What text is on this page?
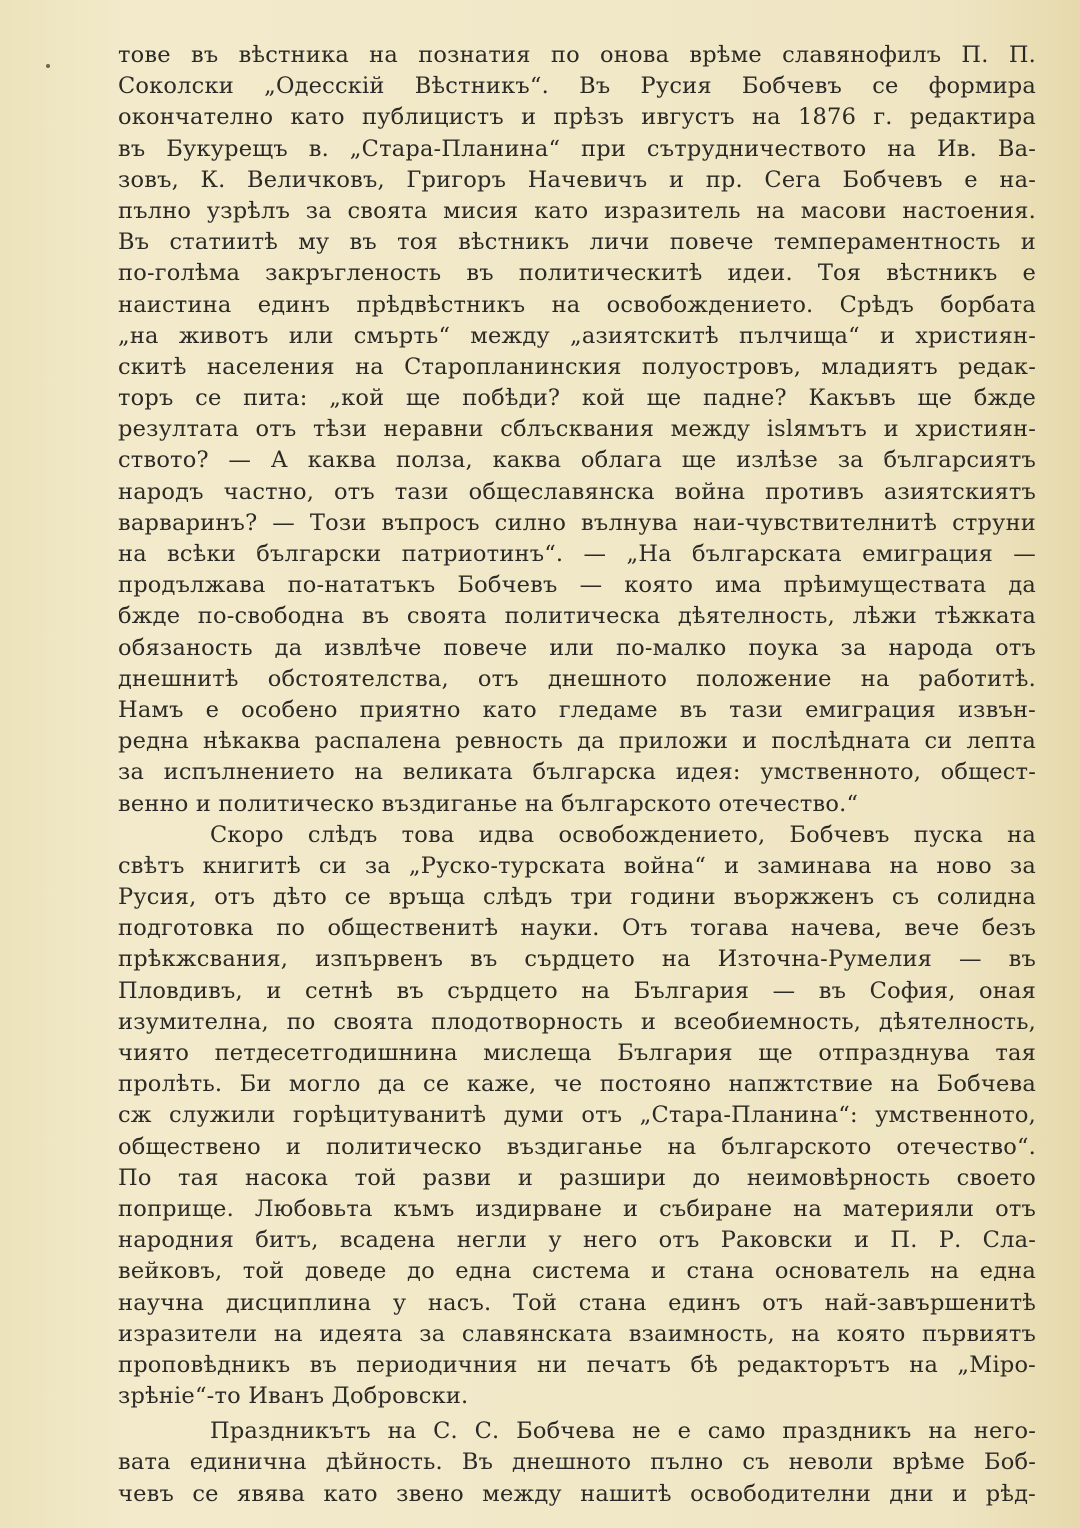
тове въ вѣстника на познатия по онова врѣме славянофилъ П. П.
Соколски „Одесскій Вѣстникъ“. Въ Русия Бобчевъ се формира
окончателно като публицистъ и прѣзъ ивгустъ на 1876 г. редактира
въ Букурещъ в. „Стара-Планина“ при сътрудничеството на Ив. Ва-
зовъ, К. Величковъ, Григоръ Начевичъ и пр. Сега Бобчевъ е на-
пълно узрѣлъ за своята мисия като изразитель на масови настоения.
Въ статиитѣ му въ тоя вѣстникъ личи повече темпераментность и
по-голѣма закръгленость въ политическитѣ идеи. Тоя вѣстникъ е
наистина единъ прѣдвѣстникъ на освобождението. Срѣдъ борбата
„на животъ или смърть“ между „азиятскитѣ пълчища“ и християн-
скитѣ населения на Старопланинския полуостровъ, младиятъ редак-
торъ се пита: „кой ще побѣди? кой ще падне? Какъвъ ще бжде
резултата отъ тѣзи неравни сблъсквания между islямътъ и християн-
ството? — А каква полза, каква облага ще излѣзе за българсиятъ
народъ частно, отъ тази общеславянска война противъ азиятскиятъ
варваринъ? — Този въпросъ силно вълнува наи-чувствителнитѣ струни
на всѣки български патриотинъ“. — „На българската емиграция —
продължава по-нататъкъ Бобчевъ — която има прѣимуществата да
бжде по-свободна въ своята политическа дѣятелность, лѣжи тѣжката
обязаность да извлѣче повече или по-малко поука за народа отъ
днешнитѣ обстоятелства, отъ днешното положение на работитѣ.
Намъ е особено приятно като гледаме въ тази емиграция извън-
редна нѣкаква распалена ревность да приложи и послѣдната си лепта
за испълнението на великата българска идея: умственното, общест-
венно и политическо въздиганье на българското отечество.“
Скоро слѣдъ това идва освобождението, Бобчевъ пуска на
свѣтъ книгитѣ си за „Руско-турската война“ и заминава на ново за
Русия, отъ дѣто се връща слѣдъ три години въоржженъ съ солидна
подготовка по общественитѣ науки. Отъ тогава начева, вече безъ
прѣкжсвания, изпървенъ въ сърдцето на Източна-Румелия — въ
Пловдивъ, и сетнѣ въ сърдцето на България — въ София, оная
изумителна, по своята плодотворность и всеобиемность, дѣятелность,
чиято петдесетгодишнина мислеща България ще отпразднува тая
пролѣть. Би могло да се каже, че постояно напжтствие на Бобчева
сж служили горѣцитуванитѣ думи отъ „Стара-Планина“: умственното,
обществено и политическо въздиганье на българското отечество“.
По тая насока той разви и разшири до неимовѣрность своето
поприще. Любовьта къмъ издирване и събиране на материяли отъ
народния битъ, всадена негли у него отъ Раковски и П. Р. Сла-
вейковъ, той доведе до една система и стана основатель на една
научна дисциплина у насъ. Той стана единъ отъ най-завършенитѣ
изразители на идеята за славянската взаимность, на която първиятъ
проповѣдникъ въ периодичния ни печатъ бѣ редакторътъ на „Міро-
зрѣніе“-то Иванъ Добровски.
Праздникътъ на С. С. Бобчева не е само праздникъ на него-
вата единична дѣйность. Въ днешното пълно съ неволи врѣме Боб-
чевъ се явява като звено между нашитѣ освободителни дни и рѣд-
